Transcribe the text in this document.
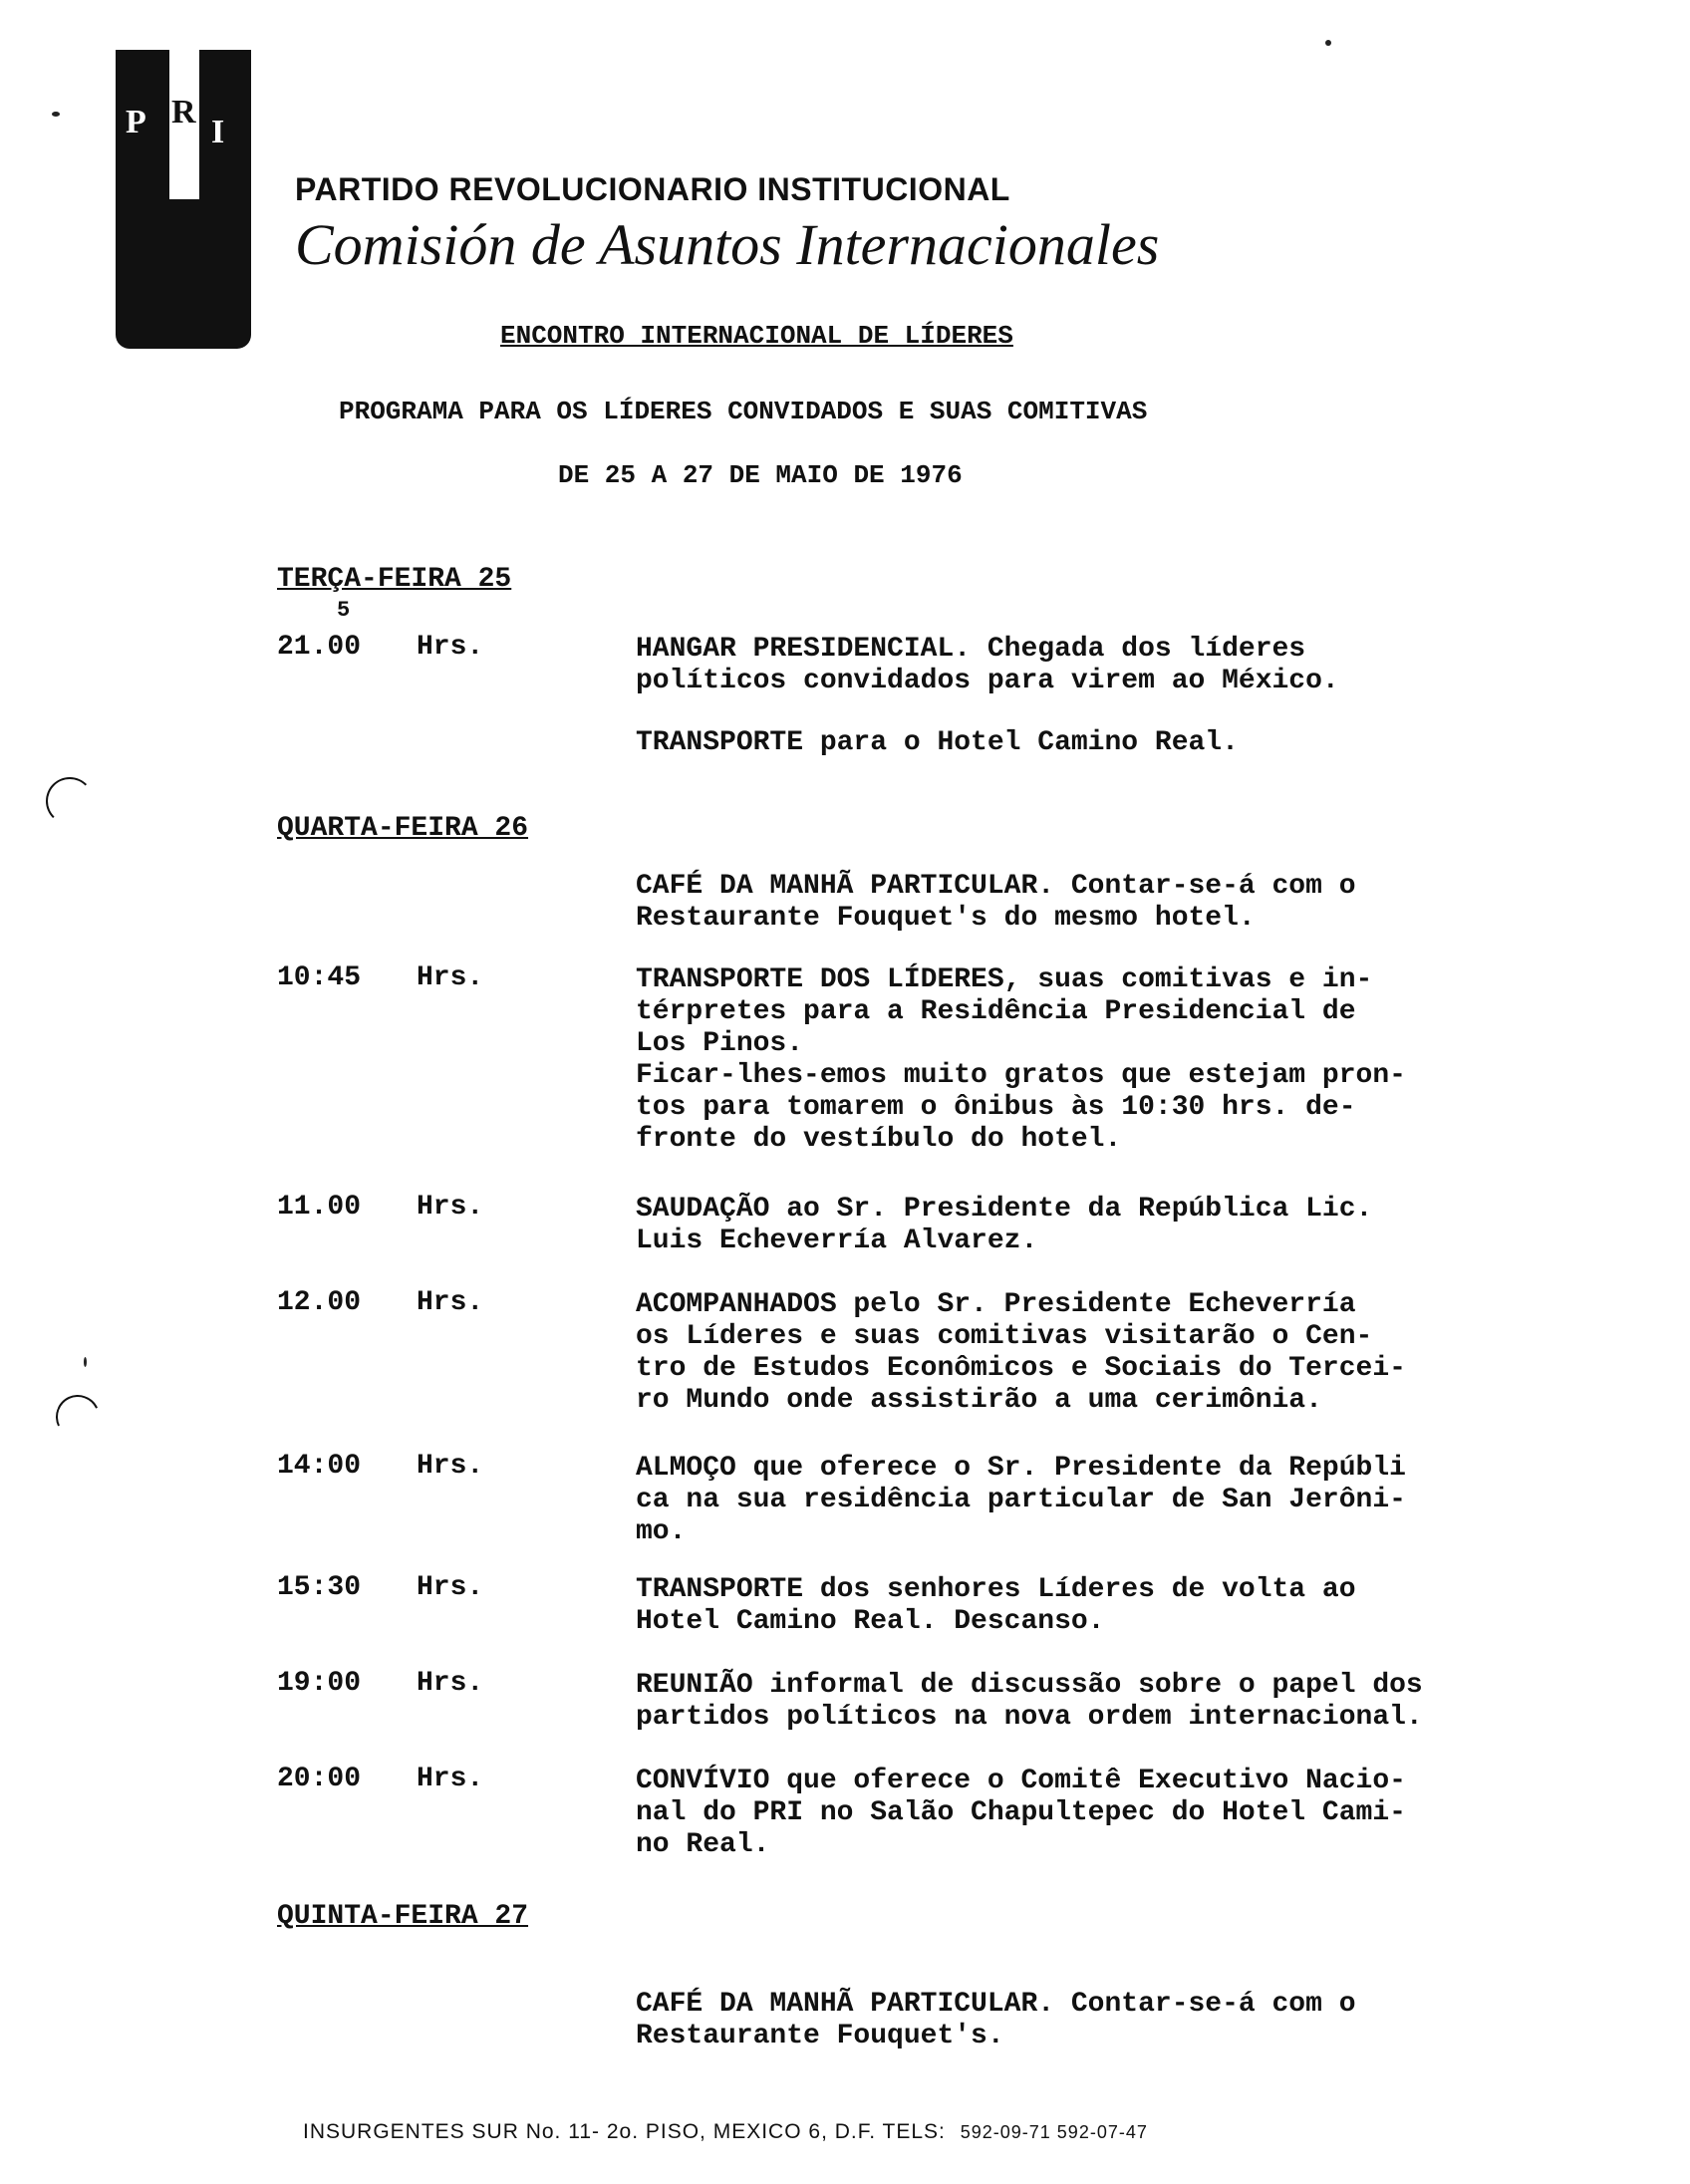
P R
I
PARTIDO REVOLUCIONARIO INSTITUCIONAL
Comisión de Asuntos Internacionales
ENCONTRO INTERNACIONAL DE LÍDERES
PROGRAMA PARA OS LÍDERES CONVIDADOS E SUAS COMITIVAS
DE 25 A 27 DE MAIO DE 1976
TERÇA-FEIRA 25
5
21.00 Hrs.	HANGAR PRESIDENCIAL. Chegada dos líderes
políticos convidados para virem ao México.
TRANSPORTE para o Hotel Camino Real.
QUARTA-FEIRA 26
CAFÉ DA MANHÃ PARTICULAR. Contar-se-á com o
Restaurante Fouquet's do mesmo hotel.
10:45 Hrs.	TRANSPORTE DOS LÍDERES, suas comitivas e in-
térpretes para a Residência Presidencial de
Los Pinos.
Ficar-lhes-emos muito gratos que estejam pron-
tos para tomarem o ônibus às 10:30 hrs. de-
fronte do vestíbulo do hotel.
11.00 Hrs.	SAUDAÇÃO ao Sr. Presidente da República Lic.
Luis Echeverría Alvarez.
12.00 Hrs.	ACOMPANHADOS pelo Sr. Presidente Echeverría
os Líderes e suas comitivas visitarão o Cen-
tro de Estudos Econômicos e Sociais do Tercei-
ro Mundo onde assistirão a uma cerimônia.
14:00 Hrs.	ALMOÇO que oferece o Sr. Presidente da Repúbli
ca na sua residência particular de San Jerôni-
mo.
15:30 Hrs.	TRANSPORTE dos senhores Líderes de volta ao
Hotel Camino Real. Descanso.
19:00 Hrs.	REUNIÃO informal de discussão sobre o papel dos
partidos políticos na nova ordem internacional.
20:00 Hrs.	CONVÍVIO que oferece o Comitê Executivo Nacio-
nal do PRI no Salão Chapultepec do Hotel Cami-
no Real.
QUINTA-FEIRA 27
CAFÉ DA MANHÃ PARTICULAR. Contar-se-á com o
Restaurante Fouquet's.
INSURGENTES SUR No. 11- 2o. PISO, MEXICO 6, D.F. TELS: 592-09-71 592-07-47
